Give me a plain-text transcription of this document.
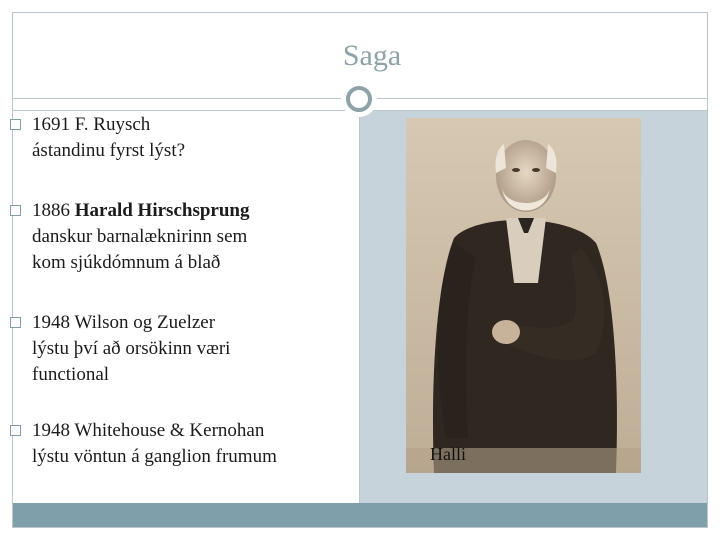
Saga
1691 F. Ruysch
ástandinu fyrst lýst?
1886 Harald Hirschsprung
danskur barnalæknirinn sem
kom sjúkdómnum á blað
1948 Wilson og Zuelzer
lýstu því að orsökinn væri
functional
1948 Whitehouse & Kernohan
lýstu vöntun á ganglion frumum	Halli
